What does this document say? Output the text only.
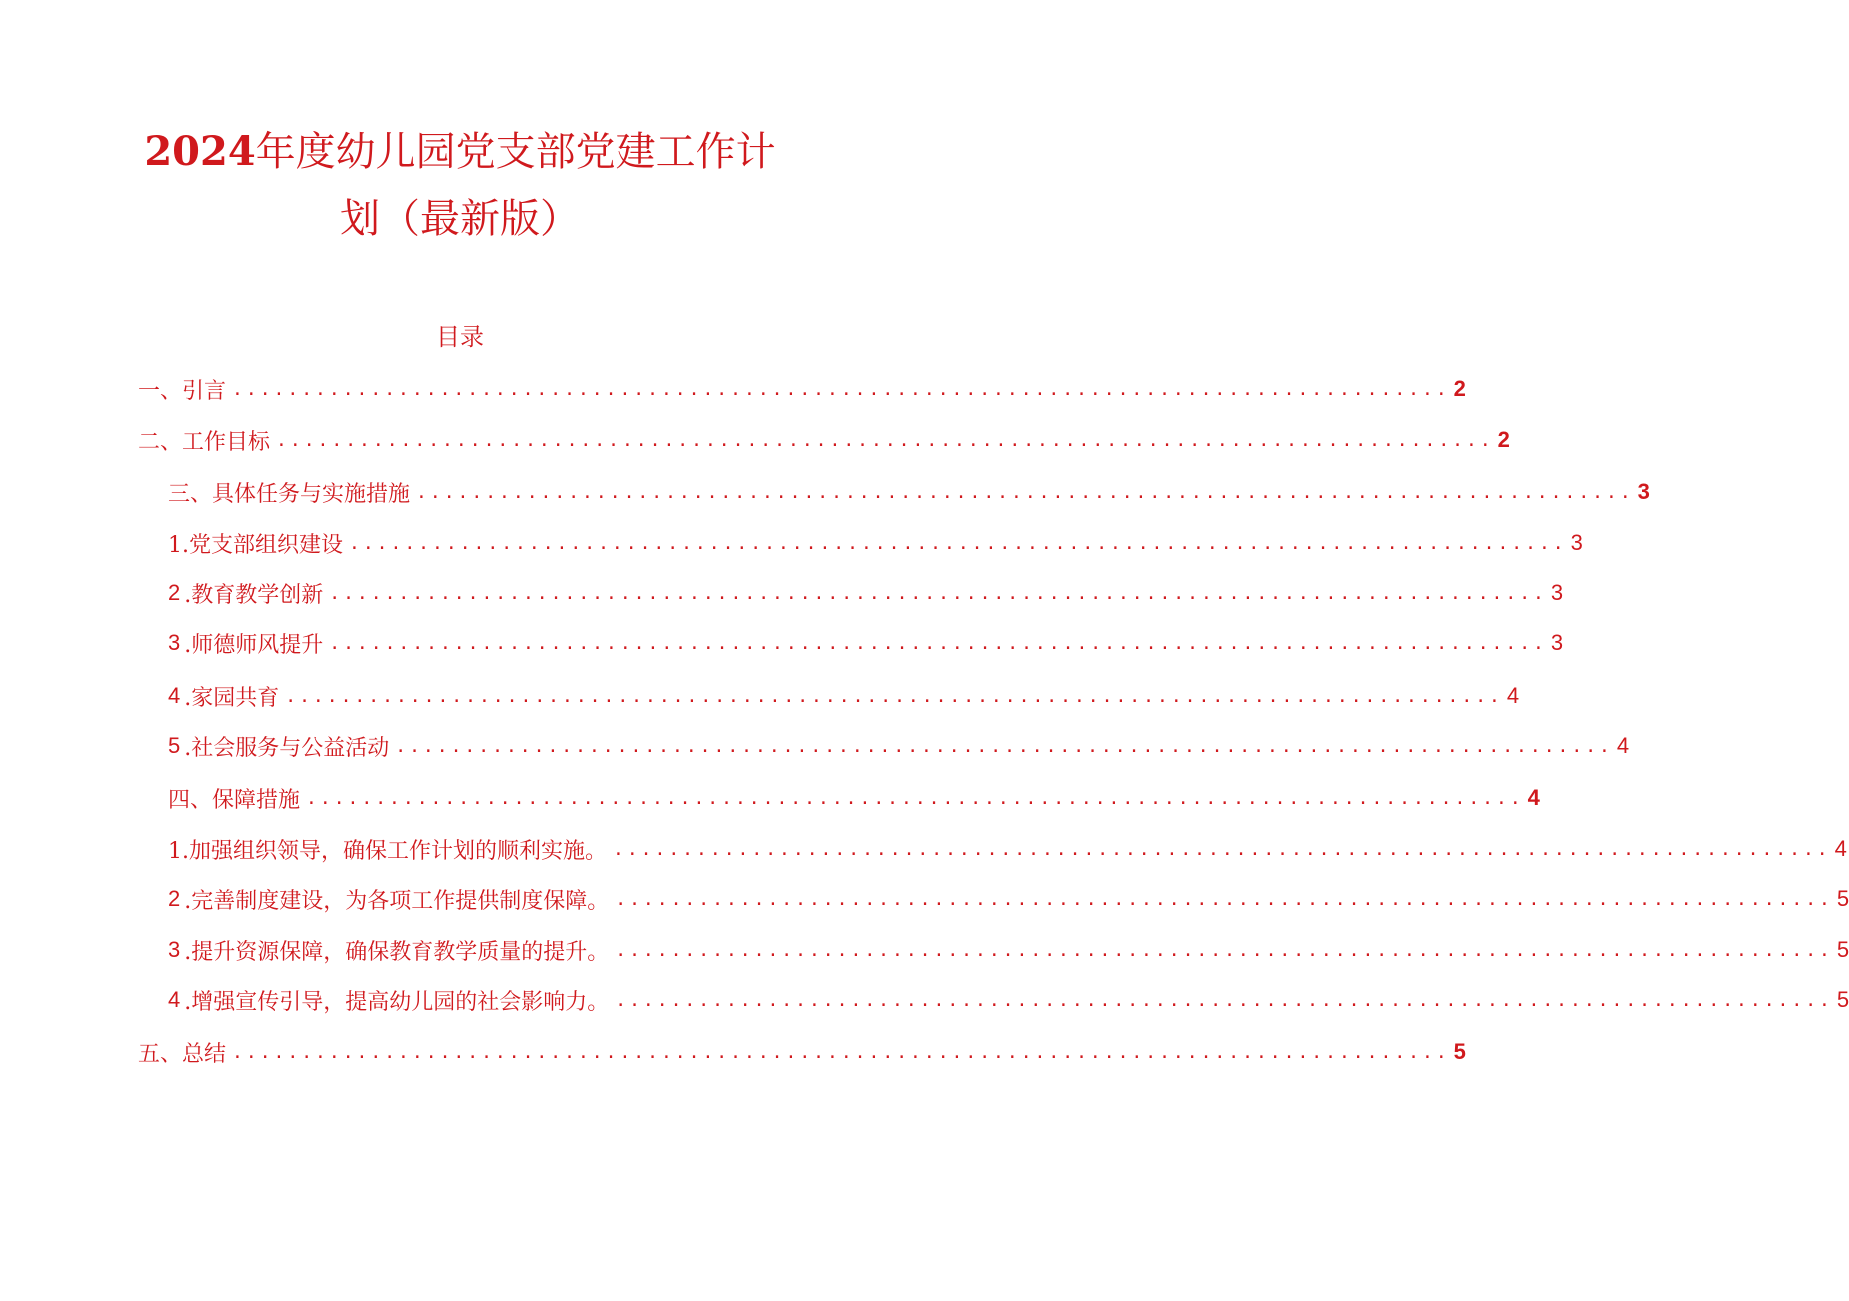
2024年度幼儿园党支部党建工作计
划（最新版）
目录
一、引言 ........................................................................................ 2
二、工作目标 ........................................................................................ 2
三、具体任务与实施措施 ........................................................................................ 3
1.党支部组织建设 ........................................................................................ 3
2 .教育教学创新 ........................................................................................ 3
3 .师德师风提升 ........................................................................................ 3
4 .家园共育 ........................................................................................ 4
5 .社会服务与公益活动 ........................................................................................ 4
四、保障措施 ........................................................................................ 4
1.加强组织领导，确保工作计划的顺利实施。 ........................................................................................ 4
2 .完善制度建设，为各项工作提供制度保障。 ........................................................................................ 5
3 .提升资源保障，确保教育教学质量的提升。 ........................................................................................ 5
4 .增强宣传引导，提高幼儿园的社会影响力。 ........................................................................................ 5
五、总结 ........................................................................................ 5
